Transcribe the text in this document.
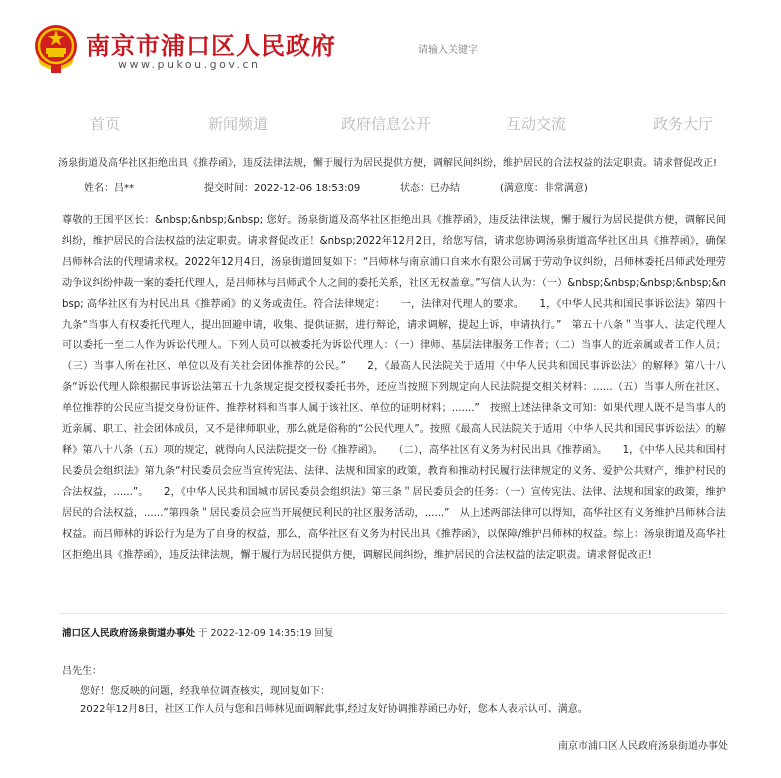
南京市浦口区人民政府
www.pukou.gov.cn
请输入关键字
首页	新闻频道	政府信息公开	互动交流	政务大厅
汤泉街道及高华社区拒绝出具《推荐函》，违反法律法规，懈于履行为居民提供方便，调解民间纠纷，维护居民的合法权益的法定职责。请求督促改正!
姓名：吕**	提交时间：2022-12-06 18:53:09	状态：已办结	(满意度：非常满意)

尊敬的王国平区长：&nbsp;&nbsp;&nbsp; 您好。汤泉街道及高华社区拒绝出具《推荐函》，违反法律法规，懈于履行为居民提供方便，调解民间纠纷，维护居民的合法权益的法定职责。请求督促改正！&nbsp;2022年12月2日，给您写信，请求您协调汤泉街道高华社区出具《推荐函》，确保吕师林合法的代理请求权。2022年12月4日，汤泉街道回复如下：“吕师林与南京浦口自来水有限公司属于劳动争议纠纷，吕师林委托吕师武处理劳动争议纠纷仲裁一案的委托代理人，是吕师林与吕师武个人之间的委托关系，社区无权盖章。”写信人认为：（一）&nbsp;&nbsp;&nbsp;&nbsp;&nbsp; 高华社区有为村民出具《推荐函》的义务或责任。符合法律规定：　　一，法律对代理人的要求。　　1，《中华人民共和国民事诉讼法》第四十九条“当事人有权委托代理人，提出回避申请，收集、提供证据，进行辩论，请求调解，提起上诉，申请执行。”　第五十八条＂当事人、法定代理人可以委托一至二人作为诉讼代理人。下列人员可以被委托为诉讼代理人：（一）律师、基层法律服务工作者；（二）当事人的近亲属或者工作人员；（三）当事人所在社区、单位以及有关社会团体推荐的公民。”　　2，《最高人民法院关于适用〈中华人民共和国民事诉讼法〉的解释》第八十八条“诉讼代理人除根据民事诉讼法第五十九条规定提交授权委托书外，还应当按照下列规定向人民法院提交相关材料：......（五）当事人所在社区、单位推荐的公民应当提交身份证件、推荐材料和当事人属于该社区、单位的证明材料；.......”　按照上述法律条文可知：如果代理人既不是当事人的近亲属、职工、社会团体成员，又不是律师职业，那么就是俗称的“公民代理人”。按照《最高人民法院关于适用〈中华人民共和国民事诉讼法〉的解释》第八十八条（五）项的规定，就得向人民法院提交一份《推荐函》。　　（二），高华社区有义务为村民出具《推荐函》。　　1，《中华人民共和国村民委员会组织法》第九条“村民委员会应当宣传宪法、法律、法规和国家的政策，教育和推动村民履行法律规定的义务、爱护公共财产，维护村民的合法权益，......”。　　2，《中华人民共和国城市居民委员会组织法》第三条＂居民委员会的任务：（一）宣传宪法、法律、法规和国家的政策，维护居民的合法权益，......”第四条＂居民委员会应当开展便民利民的社区服务活动，......”　从上述两部法律可以得知，高华社区有义务维护吕师林合法权益。而吕师林的诉讼行为是为了自身的权益，那么，高华社区有义务为村民出具《推荐函》，以保障/维护吕师林的权益。综上：汤泉街道及高华社区拒绝出具《推荐函》，违反法律法规，懈于履行为居民提供方便，调解民间纠纷，维护居民的合法权益的法定职责。请求督促改正!

浦口区人民政府汤泉街道办事处 于 2022-12-09 14:35:19 回复
吕先生：
您好！您反映的问题，经我单位调查核实，现回复如下：
2022年12月8日，社区工作人员与您和吕师林见面调解此事,经过友好协调推荐函已办好，您本人表示认可、满意。
南京市浦口区人民政府汤泉街道办事处
